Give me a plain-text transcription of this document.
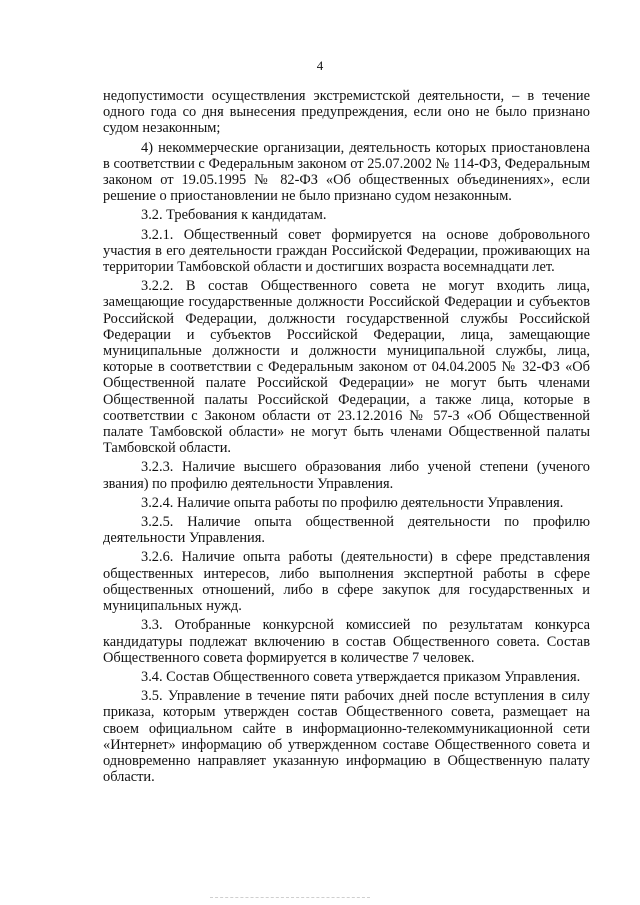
4

недопустимости осуществления экстремистской деятельности, – в течение одного года со дня вынесения предупреждения, если оно не было признано судом незаконным;

4) некоммерческие организации, деятельность которых приостановлена в соответствии с Федеральным законом от 25.07.2002 № 114-ФЗ, Федеральным законом от 19.05.1995 № 82-ФЗ «Об общественных объединениях», если решение о приостановлении не было признано судом незаконным.

3.2. Требования к кандидатам.

3.2.1. Общественный совет формируется на основе добровольного участия в его деятельности граждан Российской Федерации, проживающих на территории Тамбовской области и достигших возраста восемнадцати лет.

3.2.2. В состав Общественного совета не могут входить лица, замещающие государственные должности Российской Федерации и субъектов Российской Федерации, должности государственной службы Российской Федерации и субъектов Российской Федерации, лица, замещающие муниципальные должности и должности муниципальной службы, лица, которые в соответствии с Федеральным законом от 04.04.2005 № 32-ФЗ «Об Общественной палате Российской Федерации» не могут быть членами Общественной палаты Российской Федерации, а также лица, которые в соответствии с Законом области от 23.12.2016 № 57-З «Об Общественной палате Тамбовской области» не могут быть членами Общественной палаты Тамбовской области.

3.2.3. Наличие высшего образования либо ученой степени (ученого звания) по профилю деятельности Управления.

3.2.4. Наличие опыта работы по профилю деятельности Управления.

3.2.5. Наличие опыта общественной деятельности по профилю деятельности Управления.

3.2.6. Наличие опыта работы (деятельности) в сфере представления общественных интересов, либо выполнения экспертной работы в сфере общественных отношений, либо в сфере закупок для государственных и муниципальных нужд.

3.3. Отобранные конкурсной комиссией по результатам конкурса кандидатуры подлежат включению в состав Общественного совета. Состав Общественного совета формируется в количестве 7 человек.

3.4. Состав Общественного совета утверждается приказом Управления.

3.5. Управление в течение пяти рабочих дней после вступления в силу приказа, которым утвержден состав Общественного совета, размещает на своем официальном сайте в информационно-телекоммуникационной сети «Интернет» информацию об утвержденном составе Общественного совета и одновременно направляет указанную информацию в Общественную палату области.
